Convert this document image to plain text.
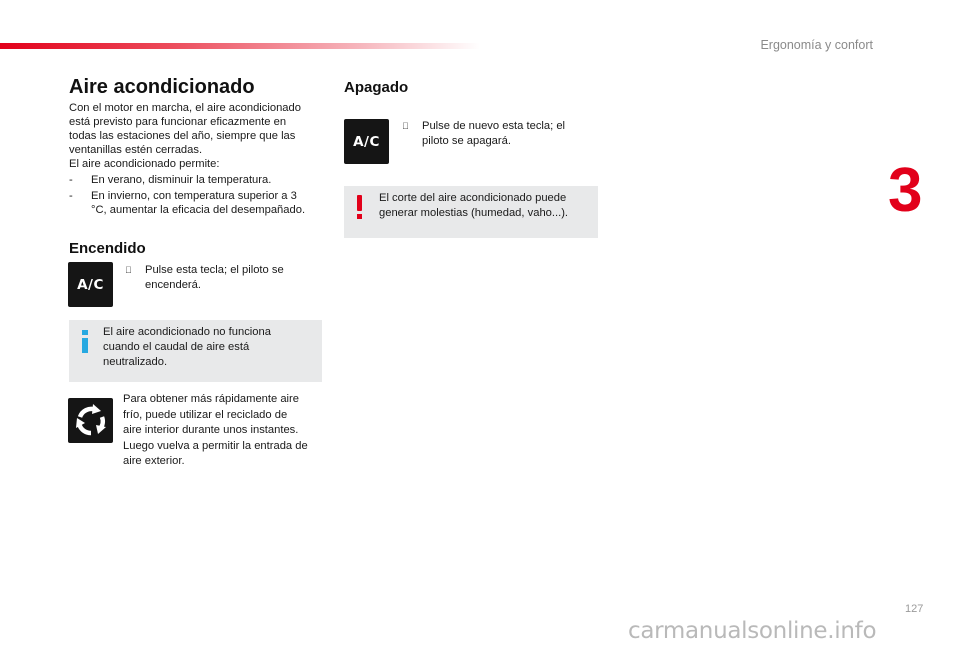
Ergonomía y confort
3
Aire acondicionado
Con el motor en marcha, el aire acondicionado
está previsto para funcionar eficazmente en
todas las estaciones del año, siempre que las
ventanillas estén cerradas.
El aire acondicionado permite:
- En verano, disminuir la temperatura.
- En invierno, con temperatura superior a 3
°C, aumentar la eficacia del desempañado.
Encendido
A/C
Pulse esta tecla; el piloto se
encenderá.
El aire acondicionado no funciona
cuando el caudal de aire está
neutralizado.
Para obtener más rápidamente aire
frío, puede utilizar el reciclado de
aire interior durante unos instantes.
Luego vuelva a permitir la entrada de
aire exterior.
Apagado
A/C
Pulse de nuevo esta tecla; el
piloto se apagará.
El corte del aire acondicionado puede
generar molestias (humedad, vaho...).
127
carmanualsonline.info
